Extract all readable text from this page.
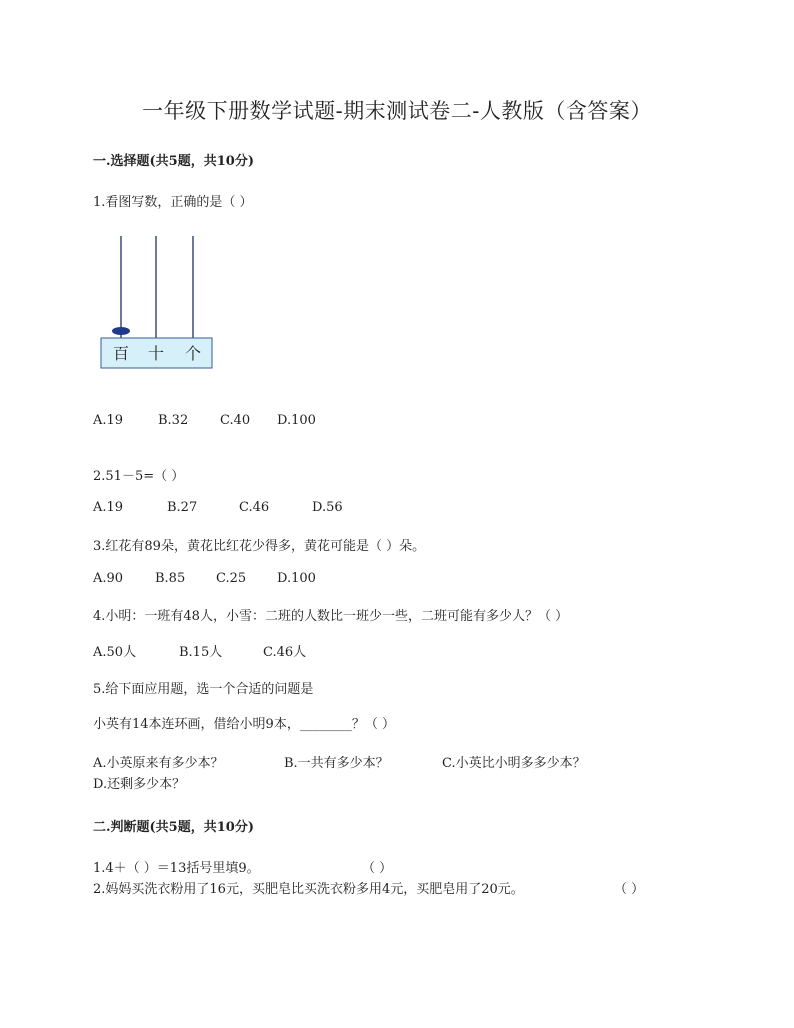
一年级下册数学试题-期末测试卷二-人教版（含答案）
一.选择题(共5题，共10分)
1.看图写数，正确的是（ ）
百 十 个
A.19	B.32 C.40 D.100
2.51－5=（ ）
A.19	B.27	C.46	D.56
3.红花有89朵，黄花比红花少得多，黄花可能是（ ）朵。
A.90 B.85 C.25 D.100
4.小明：一班有48人，小雪：二班的人数比一班少一些，二班可能有多少人？（ ）
A.50人	B.15人	C.46人
5.给下面应用题，选一个合适的问题是
小英有14本连环画，借给小明9本，________？（ ）
A.小英原来有多少本？	B.一共有多少本？	C.小英比小明多多少本？
D.还剩多少本？
二.判断题(共5题，共10分)
1.4＋（ ）＝13括号里填9。	（ ）
2.妈妈买洗衣粉用了16元，买肥皂比买洗衣粉多用4元，买肥皂用了20元。	（ ）
